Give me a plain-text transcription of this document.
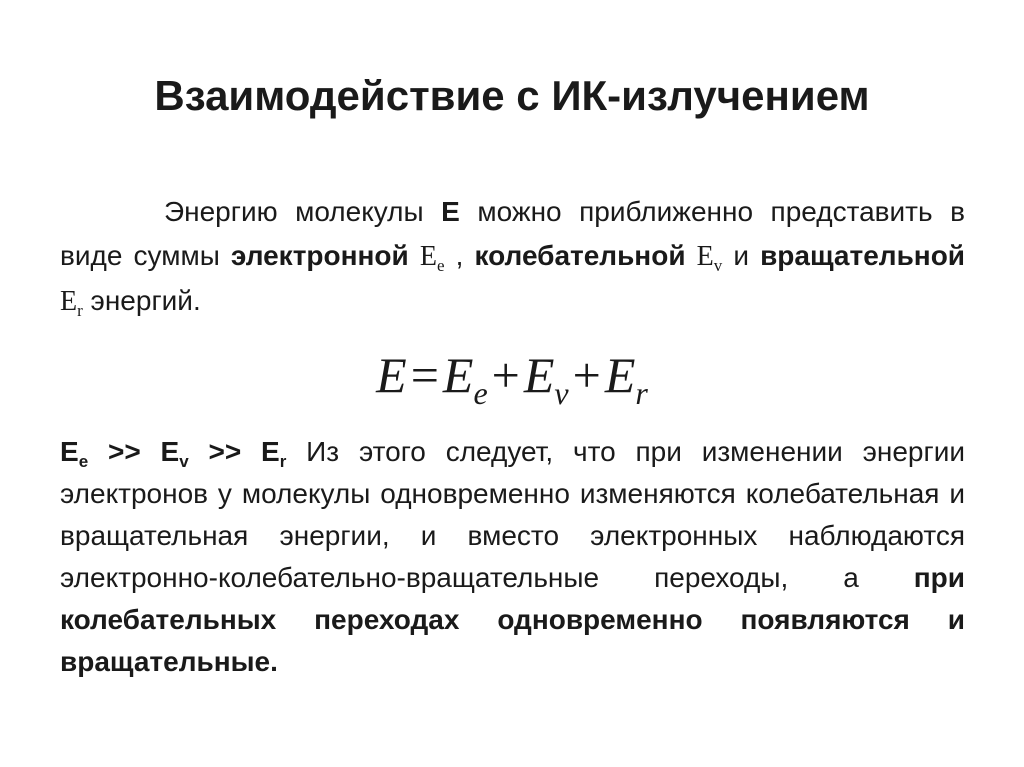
Взаимодействие с ИК-излучением

Энергию молекулы E можно приближенно представить в виде суммы электронной $E_e$ , колебательной $E_v$ и вращательной $E_r$ энергий.

$E=E_e+E_v+E_r$

$E_e >> E_v >> E_r$ Из этого следует, что при изменении энергии электронов у молекулы одновременно изменяются колебательная и вращательная энергии, и вместо электронных наблюдаются электронно-колебательно-вращательные переходы, а при колебательных переходах одновременно появляются и вращательные.
